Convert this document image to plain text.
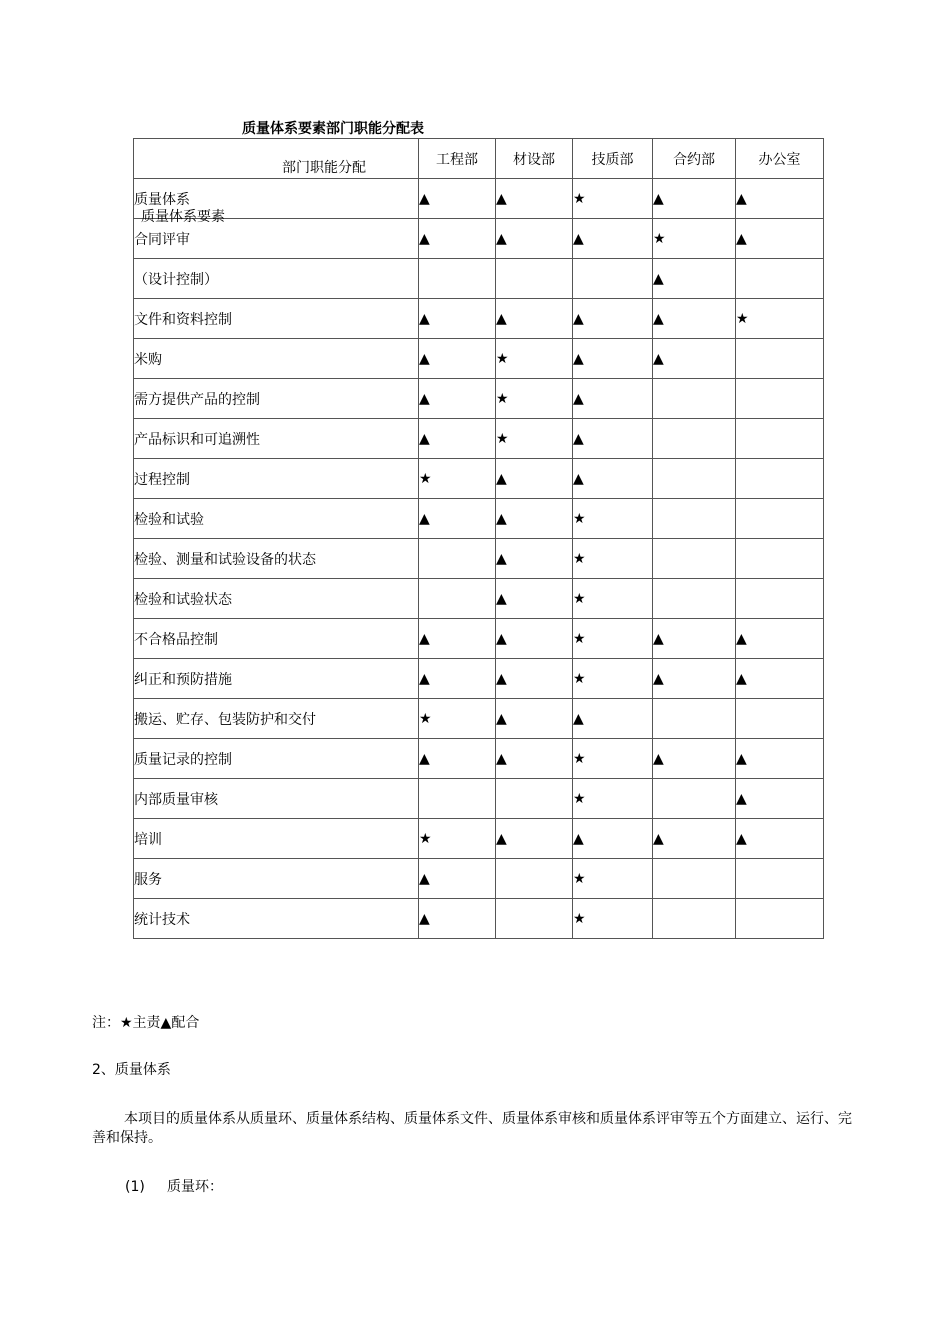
质量体系要素部门职能分配表
部门职能分配
质量体系要素	工程部	材设部	技质部	合约部	办公室
质量体系	▲	▲	★	▲	▲
合同评审	▲	▲	▲	★	▲
（设计控制）				▲	
文件和资料控制	▲	▲	▲	▲	★
米购	▲	★	▲	▲	
需方提供产品的控制	▲	★	▲		
产品标识和可追溯性	▲	★	▲		
过程控制	★	▲	▲		
检验和试验	▲	▲	★		
检验、测量和试验设备的状态		▲	★		
检验和试验状态		▲	★		
不合格品控制	▲	▲	★	▲	▲
纠正和预防措施	▲	▲	★	▲	▲
搬运、贮存、包装防护和交付	★	▲	▲		
质量记录的控制	▲	▲	★	▲	▲
内部质量审核			★		▲
培训	★	▲	▲	▲	▲
服务	▲		★		
统计技术	▲		★		
注：★主责▲配合
2、质量体系

本项目的质量体系从质量环、质量体系结构、质量体系文件、质量体系审核和质量体系评审等五个方面建立、运行、完善和保持。

(1) 质量环：
